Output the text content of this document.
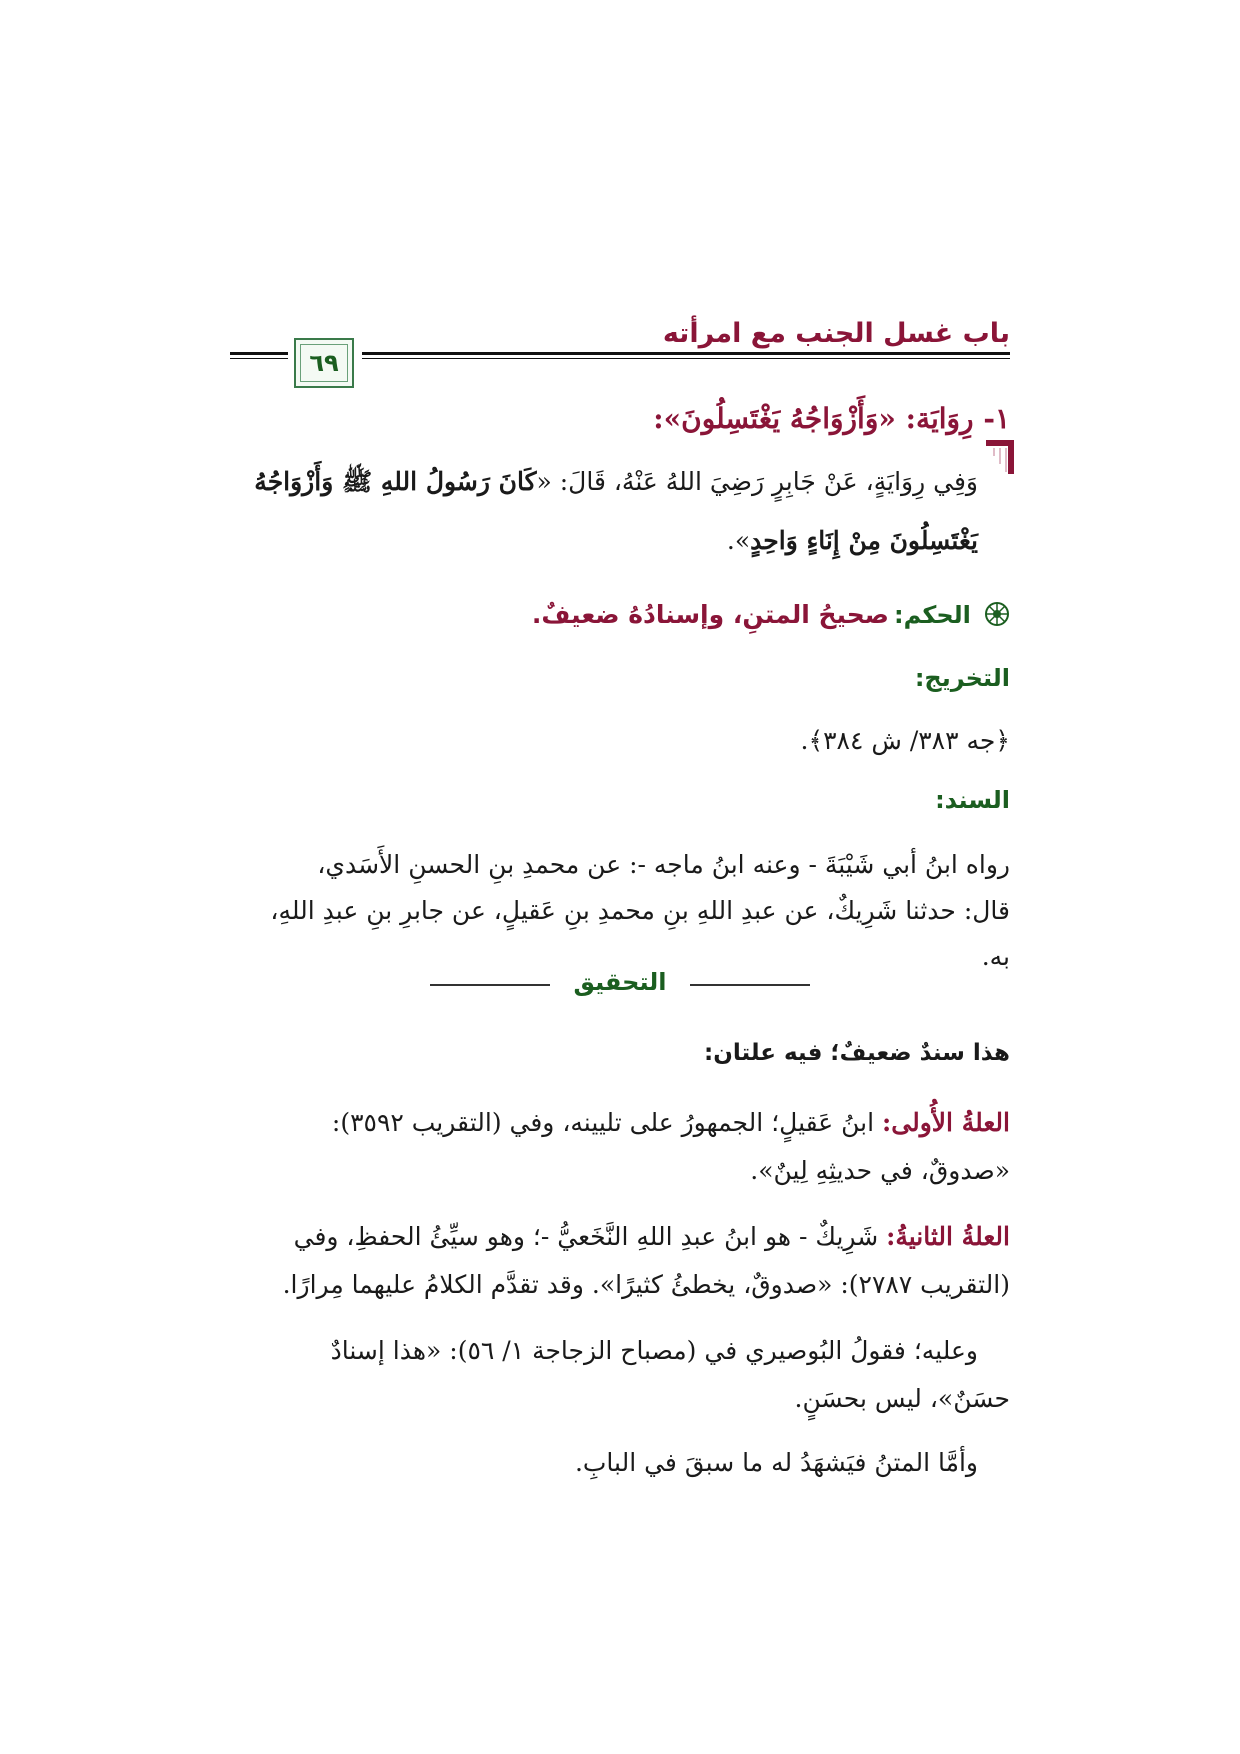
باب غسل الجنب مع امرأته
٦٩
١- رِوَايَة: «وَأَزْوَاجُهُ يَغْتَسِلُونَ»:
وَفِي رِوَايَةٍ، عَنْ جَابِرٍ رَضِيَ اللهُ عَنْهُ، قَالَ: «كَانَ رَسُولُ اللهِ ﷺ وَأَزْوَاجُهُ
يَغْتَسِلُونَ مِنْ إِنَاءٍ وَاحِدٍ».
الحكم: صحيحُ المتنِ، وإسنادُهُ ضعيفٌ.
التخريج:
﴿جه ٣٨٣/ ش ٣٨٤﴾.
السند:
رواه ابنُ أبي شَيْبَةَ - وعنه ابنُ ماجه -: عن محمدِ بنِ الحسنِ الأَسَدي،
قال: حدثنا شَرِيكٌ، عن عبدِ اللهِ بنِ محمدِ بنِ عَقيلٍ، عن جابرِ بنِ عبدِ اللهِ،
به.
التحقيق
هذا سندٌ ضعيفٌ؛ فيه علتان:
العلةُ الأُولى: ابنُ عَقيلٍ؛ الجمهورُ على تليينه، وفي (التقريب ٣٥٩٢):
«صدوقٌ، في حديثِهِ لِينٌ».
العلةُ الثانيةُ: شَرِيكٌ - هو ابنُ عبدِ اللهِ النَّخَعيُّ -؛ وهو سيِّئُ الحفظِ، وفي
(التقريب ٢٧٨٧): «صدوقٌ، يخطئُ كثيرًا». وقد تقدَّم الكلامُ عليهما مِرارًا.
وعليه؛ فقولُ البُوصيري في (مصباح الزجاجة ١/ ٥٦): «هذا إسنادٌ
حسَنٌ»، ليس بحسَنٍ.
وأمَّا المتنُ فيَشهَدُ له ما سبقَ في البابِ.
